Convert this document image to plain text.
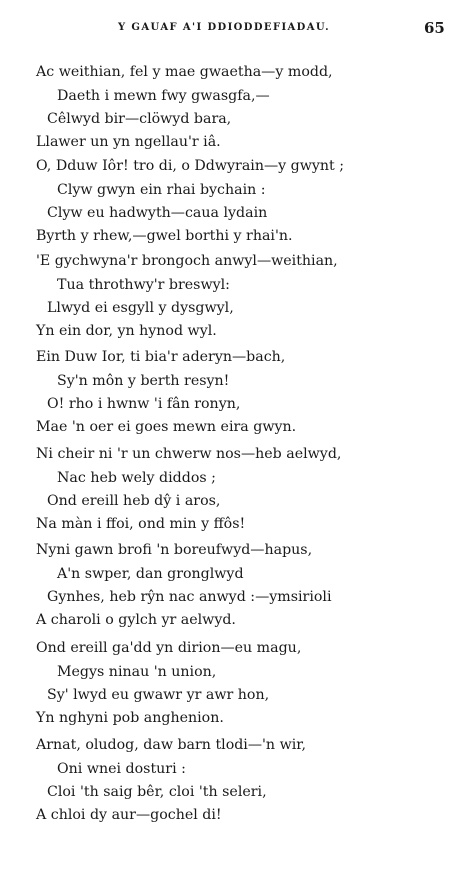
Y GAUAF A'I DDIODDEFIADAU.	65
Ac weithian, fel y mae gwaetha—y modd,
Daeth i mewn fwy gwasgfa,—
Cêlwyd bir—clöwyd bara,
Llawer un yn ngellau'r iâ.
O, Dduw Iôr! tro di, o Ddwyrain—y gwynt ;
Clyw gwyn ein rhai bychain :
Clyw eu hadwyth—caua lydain
Byrth y rhew,—gwel borthi y rhai'n.
'E gychwyna'r brongoch anwyl—weithian,
Tua throthwy'r breswyl:
Llwyd ei esgyll y dysgwyl,
Yn ein dor, yn hynod wyl.
Ein Duw Ior, ti bia'r aderyn—bach,
Sy'n môn y berth resyn!
O! rho i hwnw 'i fân ronyn,
Mae 'n oer ei goes mewn eira gwyn.
Ni cheir ni 'r un chwerw nos—heb aelwyd,
Nac heb wely diddos ;
Ond ereill heb dŷ i aros,
Na màn i ffoi, ond min y ffôs!
Nyni gawn brofi 'n boreufwyd—hapus,
A'n swper, dan gronglwyd
Gynhes, heb rŷn nac anwyd :—ymsirioli
A charoli o gylch yr aelwyd.
Ond ereill ga'dd yn dirion—eu magu,
Megys ninau 'n union,
Sy' lwyd eu gwawr yr awr hon,
Yn nghyni pob anghenion.
Arnat, oludog, daw barn tlodi—'n wir,
Oni wnei dosturi :
Cloi 'th saig bêr, cloi 'th seleri,
A chloi dy aur—gochel di!
